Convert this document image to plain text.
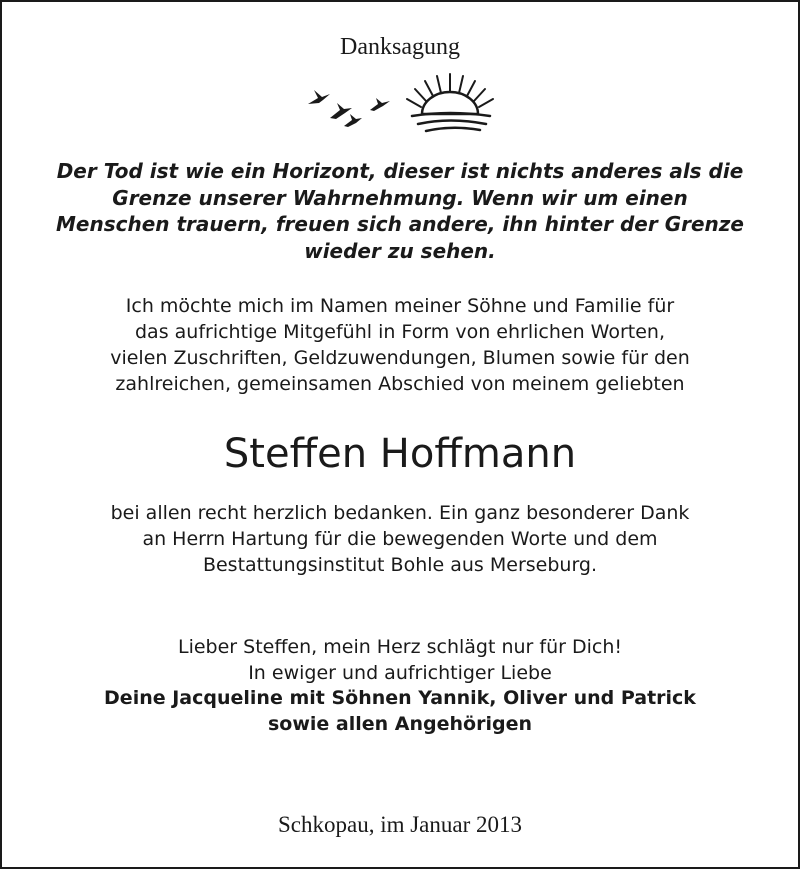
Danksagung
Der Tod ist wie ein Horizont, dieser ist nichts anderes als die
Grenze unserer Wahrnehmung. Wenn wir um einen
Menschen trauern, freuen sich andere, ihn hinter der Grenze
wieder zu sehen.
Ich möchte mich im Namen meiner Söhne und Familie für
das aufrichtige Mitgefühl in Form von ehrlichen Worten,
vielen Zuschriften, Geldzuwendungen, Blumen sowie für den
zahlreichen, gemeinsamen Abschied von meinem geliebten
Steffen Hoffmann
bei allen recht herzlich bedanken. Ein ganz besonderer Dank
an Herrn Hartung für die bewegenden Worte und dem
Bestattungsinstitut Bohle aus Merseburg.
Lieber Steffen, mein Herz schlägt nur für Dich!
In ewiger und aufrichtiger Liebe
Deine Jacqueline mit Söhnen Yannik, Oliver und Patrick
sowie allen Angehörigen
Schkopau, im Januar 2013
